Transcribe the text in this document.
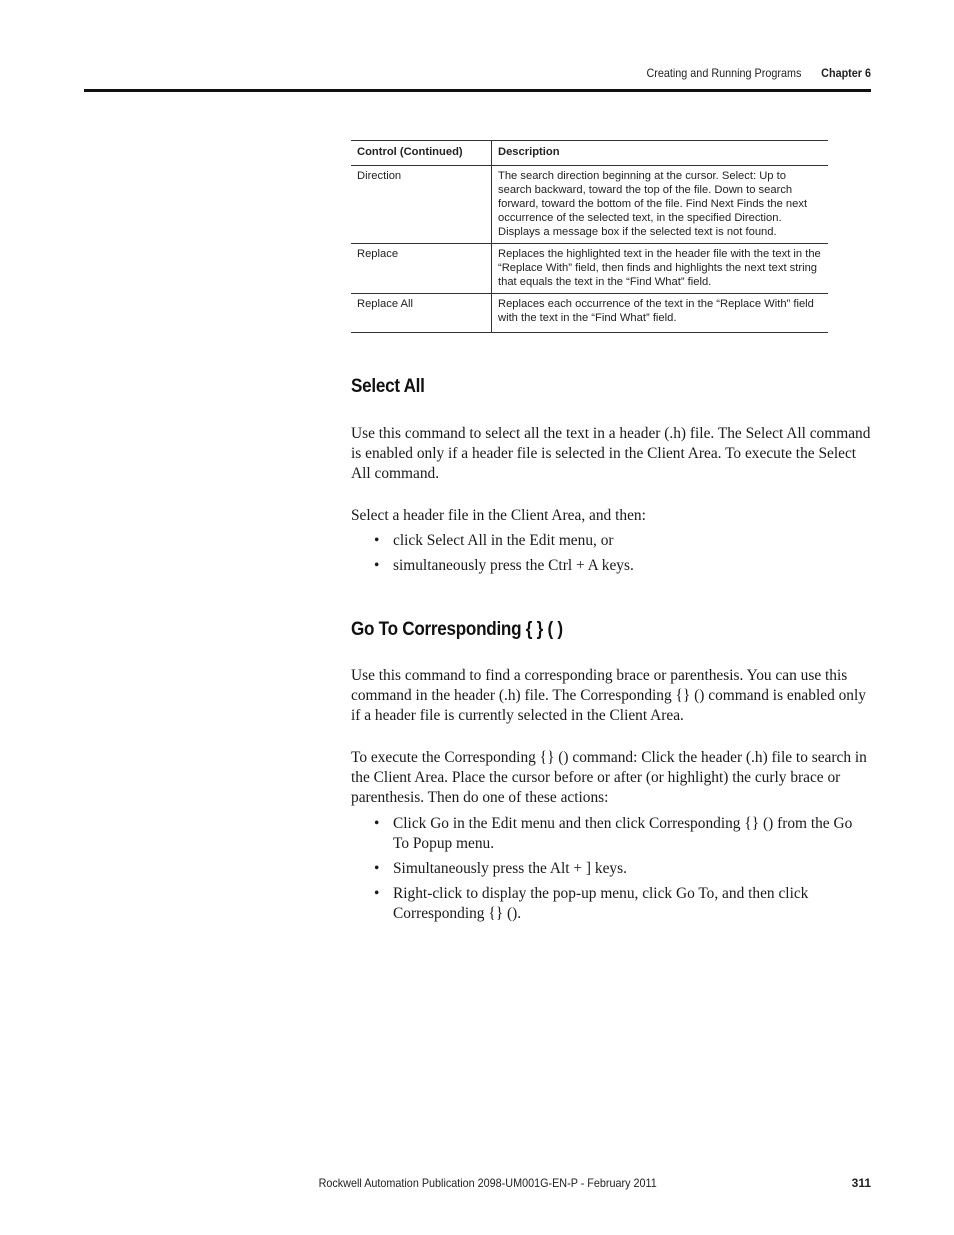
Creating and Running Programs Chapter 6
Control (Continued)	Description
Direction	The search direction beginning at the cursor. Select: Up to search backward, toward the top of the file. Down to search forward, toward the bottom of the file. Find Next Finds the next occurrence of the selected text, in the specified Direction. Displays a message box if the selected text is not found.
Replace	Replaces the highlighted text in the header file with the text in the “Replace With” field, then finds and highlights the next text string that equals the text in the “Find What” field.
Replace All	Replaces each occurrence of the text in the “Replace With” field with the text in the “Find What” field.
Select All

Use this command to select all the text in a header (.h) file. The Select All command is enabled only if a header file is selected in the Client Area. To execute the Select All command.

Select a header file in the Client Area, and then:

• click Select All in the Edit menu, or
• simultaneously press the Ctrl + A keys.
Go To Corresponding { } ( )

Use this command to find a corresponding brace or parenthesis. You can use this command in the header (.h) file. The Corresponding {} () command is enabled only if a header file is currently selected in the Client Area.

To execute the Corresponding {} () command: Click the header (.h) file to search in the Client Area. Place the cursor before or after (or highlight) the curly brace or parenthesis. Then do one of these actions:

• Click Go in the Edit menu and then click Corresponding {} () from the Go To Popup menu.
• Simultaneously press the Alt + ] keys.
• Right-click to display the pop-up menu, click Go To, and then click Corresponding {} ().
Rockwell Automation Publication 2098-UM001G-EN-P - February 2011	311
